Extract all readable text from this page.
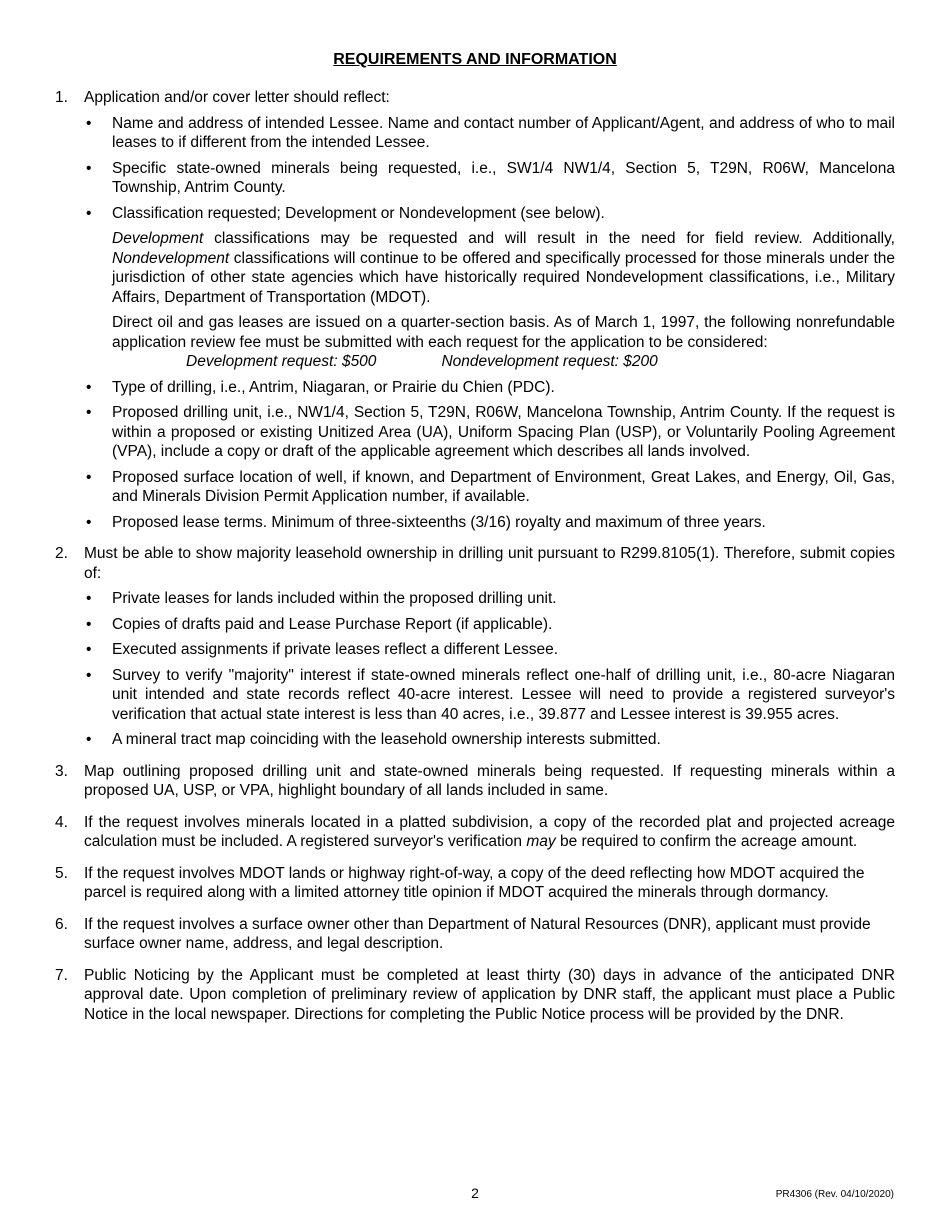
REQUIREMENTS AND INFORMATION
1. Application and/or cover letter should reflect:
• Name and address of intended Lessee. Name and contact number of Applicant/Agent, and address of who to mail leases to if different from the intended Lessee.
• Specific state-owned minerals being requested, i.e., SW1/4 NW1/4, Section 5, T29N, R06W, Mancelona Township, Antrim County.
• Classification requested; Development or Nondevelopment (see below).
Development classifications may be requested and will result in the need for field review. Additionally, Nondevelopment classifications will continue to be offered and specifically processed for those minerals under the jurisdiction of other state agencies which have historically required Nondevelopment classifications, i.e., Military Affairs, Department of Transportation (MDOT).
Direct oil and gas leases are issued on a quarter-section basis. As of March 1, 1997, the following nonrefundable application review fee must be submitted with each request for the application to be considered:
Development request: $500	Nondevelopment request: $200
• Type of drilling, i.e., Antrim, Niagaran, or Prairie du Chien (PDC).
• Proposed drilling unit, i.e., NW1/4, Section 5, T29N, R06W, Mancelona Township, Antrim County. If the request is within a proposed or existing Unitized Area (UA), Uniform Spacing Plan (USP), or Voluntarily Pooling Agreement (VPA), include a copy or draft of the applicable agreement which describes all lands involved.
• Proposed surface location of well, if known, and Department of Environment, Great Lakes, and Energy, Oil, Gas, and Minerals Division Permit Application number, if available.
• Proposed lease terms. Minimum of three-sixteenths (3/16) royalty and maximum of three years.
2. Must be able to show majority leasehold ownership in drilling unit pursuant to R299.8105(1). Therefore, submit copies of:
• Private leases for lands included within the proposed drilling unit.
• Copies of drafts paid and Lease Purchase Report (if applicable).
• Executed assignments if private leases reflect a different Lessee.
• Survey to verify "majority" interest if state-owned minerals reflect one-half of drilling unit, i.e., 80-acre Niagaran unit intended and state records reflect 40-acre interest. Lessee will need to provide a registered surveyor's verification that actual state interest is less than 40 acres, i.e., 39.877 and Lessee interest is 39.955 acres.
• A mineral tract map coinciding with the leasehold ownership interests submitted.
3. Map outlining proposed drilling unit and state-owned minerals being requested. If requesting minerals within a proposed UA, USP, or VPA, highlight boundary of all lands included in same.
4. If the request involves minerals located in a platted subdivision, a copy of the recorded plat and projected acreage calculation must be included. A registered surveyor's verification may be required to confirm the acreage amount.
5. If the request involves MDOT lands or highway right-of-way, a copy of the deed reflecting how MDOT acquired the parcel is required along with a limited attorney title opinion if MDOT acquired the minerals through dormancy.
6. If the request involves a surface owner other than Department of Natural Resources (DNR), applicant must provide surface owner name, address, and legal description.
7. Public Noticing by the Applicant must be completed at least thirty (30) days in advance of the anticipated DNR approval date. Upon completion of preliminary review of application by DNR staff, the applicant must place a Public Notice in the local newspaper. Directions for completing the Public Notice process will be provided by the DNR.
2	PR4306 (Rev. 04/10/2020)
